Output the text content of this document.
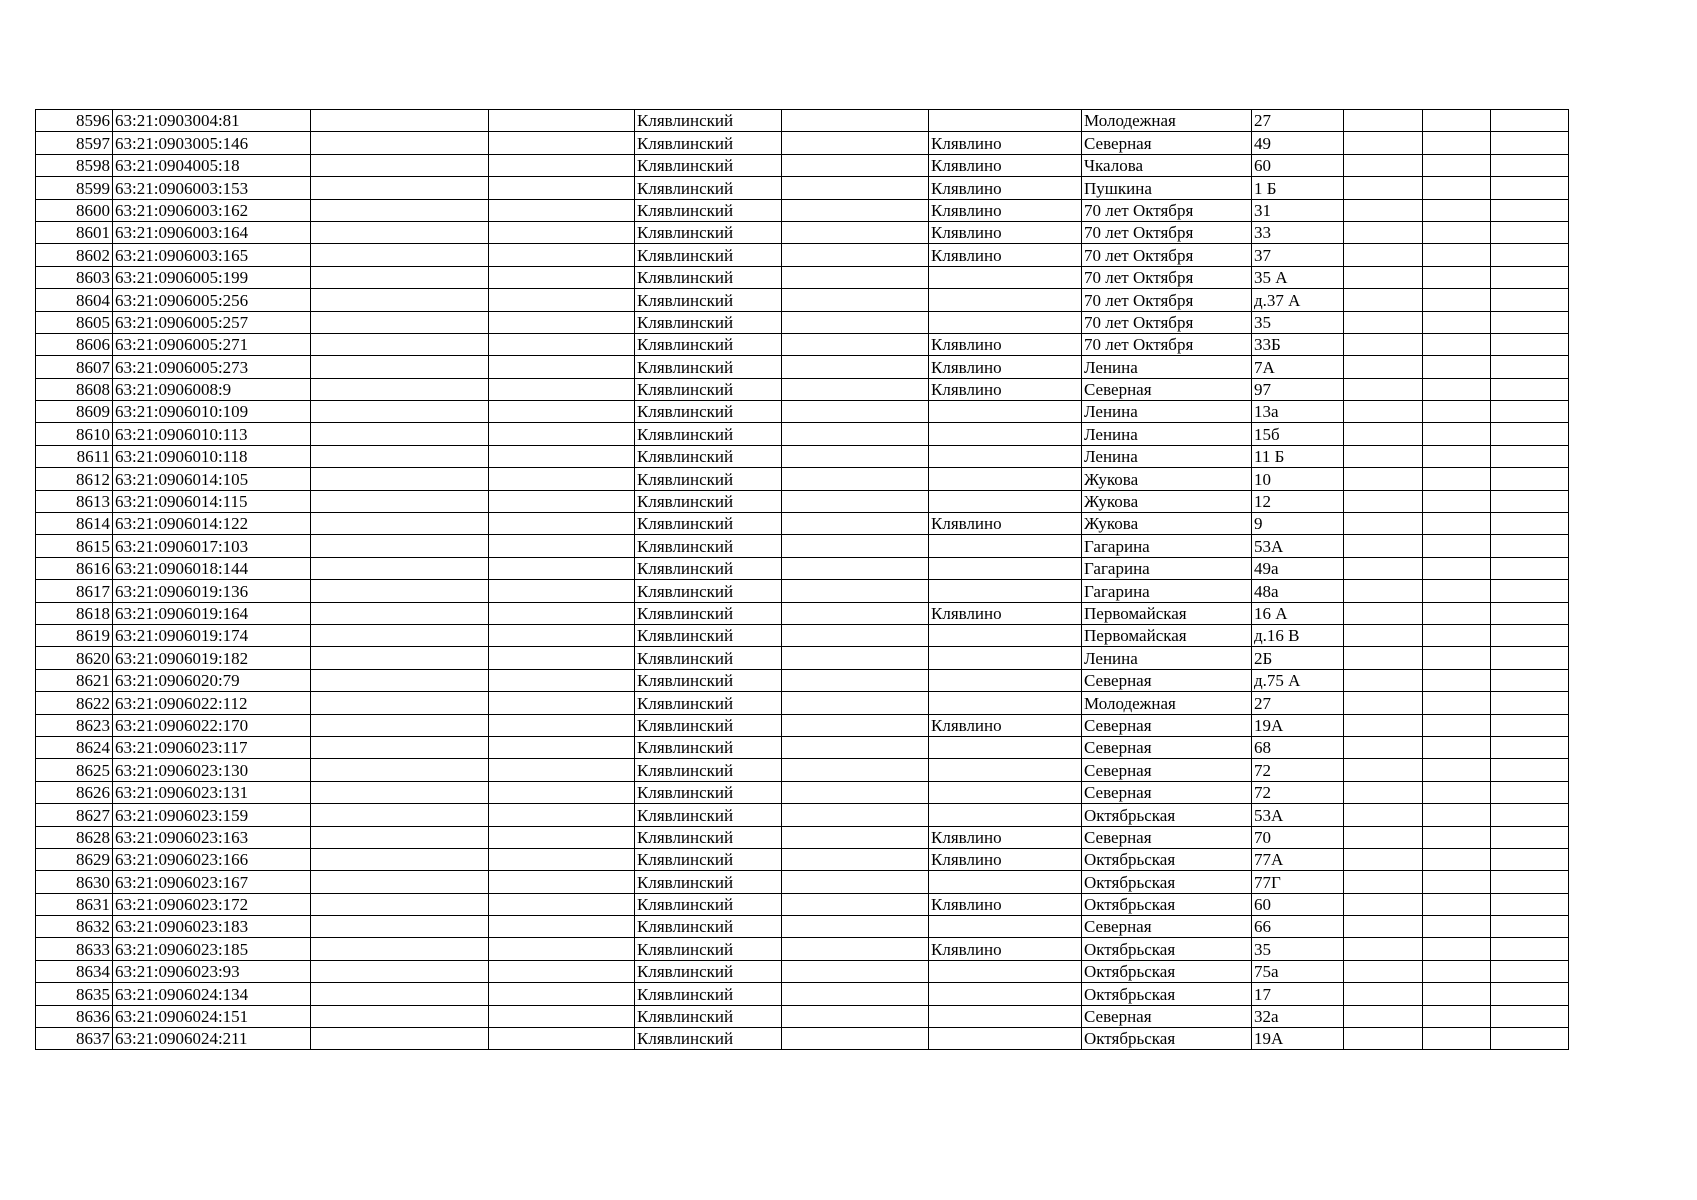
8596	63:21:0903004:81			Клявлинский			Молодежная	27			
8597	63:21:0903005:146			Клявлинский		Клявлино	Северная	49			
8598	63:21:0904005:18			Клявлинский		Клявлино	Чкалова	60			
8599	63:21:0906003:153			Клявлинский		Клявлино	Пушкина	1 Б			
8600	63:21:0906003:162			Клявлинский		Клявлино	70 лет Октября	31			
8601	63:21:0906003:164			Клявлинский		Клявлино	70 лет Октября	33			
8602	63:21:0906003:165			Клявлинский		Клявлино	70 лет Октября	37			
8603	63:21:0906005:199			Клявлинский			70 лет Октября	35 А			
8604	63:21:0906005:256			Клявлинский			70 лет Октября	д.37 А			
8605	63:21:0906005:257			Клявлинский			70 лет Октября	35			
8606	63:21:0906005:271			Клявлинский		Клявлино	70 лет Октября	33Б			
8607	63:21:0906005:273			Клявлинский		Клявлино	Ленина	7А			
8608	63:21:0906008:9			Клявлинский		Клявлино	Северная	97			
8609	63:21:0906010:109			Клявлинский			Ленина	13а			
8610	63:21:0906010:113			Клявлинский			Ленина	15б			
8611	63:21:0906010:118			Клявлинский			Ленина	11 Б			
8612	63:21:0906014:105			Клявлинский			Жукова	10			
8613	63:21:0906014:115			Клявлинский			Жукова	12			
8614	63:21:0906014:122			Клявлинский		Клявлино	Жукова	9			
8615	63:21:0906017:103			Клявлинский			Гагарина	53А			
8616	63:21:0906018:144			Клявлинский			Гагарина	49а			
8617	63:21:0906019:136			Клявлинский			Гагарина	48а			
8618	63:21:0906019:164			Клявлинский		Клявлино	Первомайская	16 А			
8619	63:21:0906019:174			Клявлинский			Первомайская	д.16 В			
8620	63:21:0906019:182			Клявлинский			Ленина	2Б			
8621	63:21:0906020:79			Клявлинский			Северная	д.75 А			
8622	63:21:0906022:112			Клявлинский			Молодежная	27			
8623	63:21:0906022:170			Клявлинский		Клявлино	Северная	19А			
8624	63:21:0906023:117			Клявлинский			Северная	68			
8625	63:21:0906023:130			Клявлинский			Северная	72			
8626	63:21:0906023:131			Клявлинский			Северная	72			
8627	63:21:0906023:159			Клявлинский			Октябрьская	53А			
8628	63:21:0906023:163			Клявлинский		Клявлино	Северная	70			
8629	63:21:0906023:166			Клявлинский		Клявлино	Октябрьская	77А			
8630	63:21:0906023:167			Клявлинский			Октябрьская	77Г			
8631	63:21:0906023:172			Клявлинский		Клявлино	Октябрьская	60			
8632	63:21:0906023:183			Клявлинский			Северная	66			
8633	63:21:0906023:185			Клявлинский		Клявлино	Октябрьская	35			
8634	63:21:0906023:93			Клявлинский			Октябрьская	75а			
8635	63:21:0906024:134			Клявлинский			Октябрьская	17			
8636	63:21:0906024:151			Клявлинский			Северная	32а			
8637	63:21:0906024:211			Клявлинский			Октябрьская	19А			
